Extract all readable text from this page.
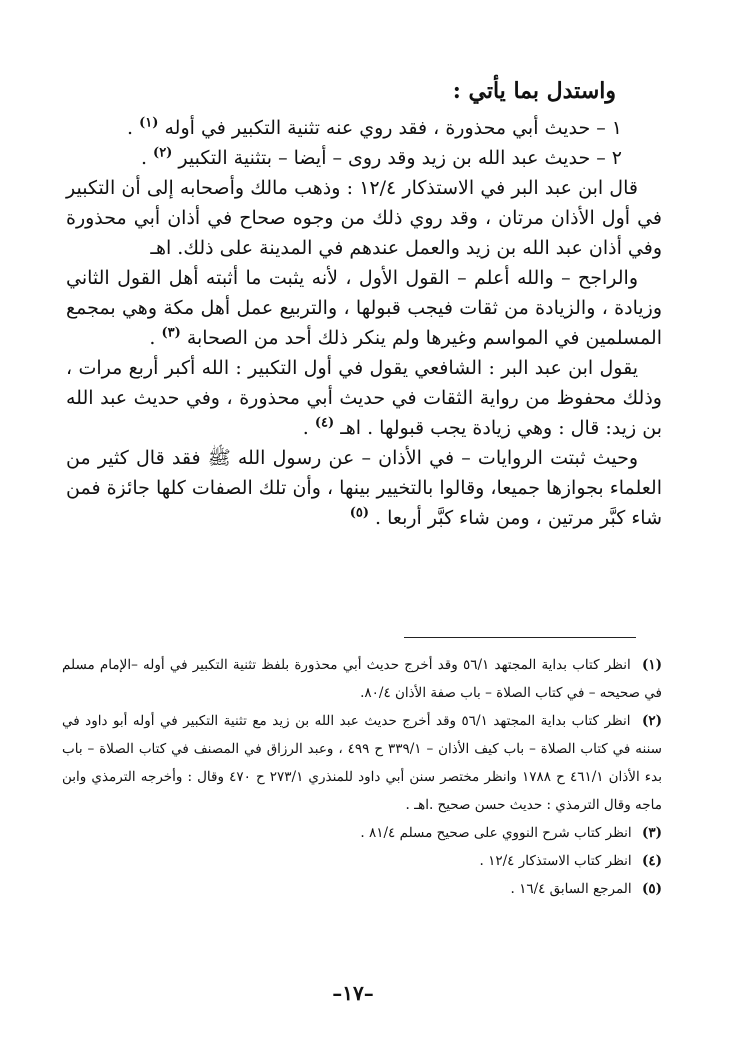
واستدل بما يأتي :

١ – حديث أبي محذورة ، فقد روي عنه تثنية التكبير في أوله $^{(١)}$ .

٢ – حديث عبد الله بن زيد وقد روى – أيضا – بتثنية التكبير $^{(٢)}$ .

قال ابن عبد البر في الاستذكار ١٢/٤ : وذهب مالك وأصحابه إلى أن التكبير في أول الأذان مرتان ، وقد روي ذلك من وجوه صحاح في أذان أبي محذورة وفي أذان عبد الله بن زيد والعمل عندهم في المدينة على ذلك. اهـ

والراجح – والله أعلم – القول الأول ، لأنه يثبت ما أثبته أهل القول الثاني وزيادة ، والزيادة من ثقات فيجب قبولها ، والتربيع عمل أهل مكة وهي بمجمع المسلمين في المواسم وغيرها ولم ينكر ذلك أحد من الصحابة $^{(٣)}$ .

يقول ابن عبد البر : الشافعي يقول في أول التكبير : الله أكبر أربع مرات ، وذلك محفوظ من رواية الثقات في حديث أبي محذورة ، وفي حديث عبد الله بن زيد: قال : وهي زيادة يجب قبولها . اهـ $^{(٤)}$ .

وحيث ثبتت الروايات – في الأذان – عن رسول الله ﷺ فقد قال كثير من العلماء بجوازها جميعا، وقالوا بالتخيير بينها ، وأن تلك الصفات كلها جائزة فمن شاء كبَّر مرتين ، ومن شاء كبَّر أربعا . $^{(٥)}$

(١) انظر كتاب بداية المجتهد ٥٦/١ وقد أخرج حديث أبي محذورة بلفظ تثنية التكبير في أوله –الإمام مسلم في صحيحه – في كتاب الصلاة – باب صفة الأذان ٨٠/٤.

(٢) انظر كتاب بداية المجتهد ٥٦/١ وقد أخرج حديث عبد الله بن زيد مع تثنية التكبير في أوله أبو داود في سننه في كتاب الصلاة – باب كيف الأذان – ٣٣٩/١ ح ٤٩٩ ، وعبد الرزاق في المصنف في كتاب الصلاة – باب بدء الأذان ٤٦١/١ ح ١٧٨٨ وانظر مختصر سنن أبي داود للمنذري ٢٧٣/١ ح ٤٧٠ وقال : وأخرجه الترمذي وابن ماجه وقال الترمذي : حديث حسن صحيح .اهـ .

(٣) انظر كتاب شرح النووي على صحيح مسلم ٨١/٤ .

(٤) انظر كتاب الاستذكار ١٢/٤ .

(٥) المرجع السابق ١٦/٤ .

–١٧–
